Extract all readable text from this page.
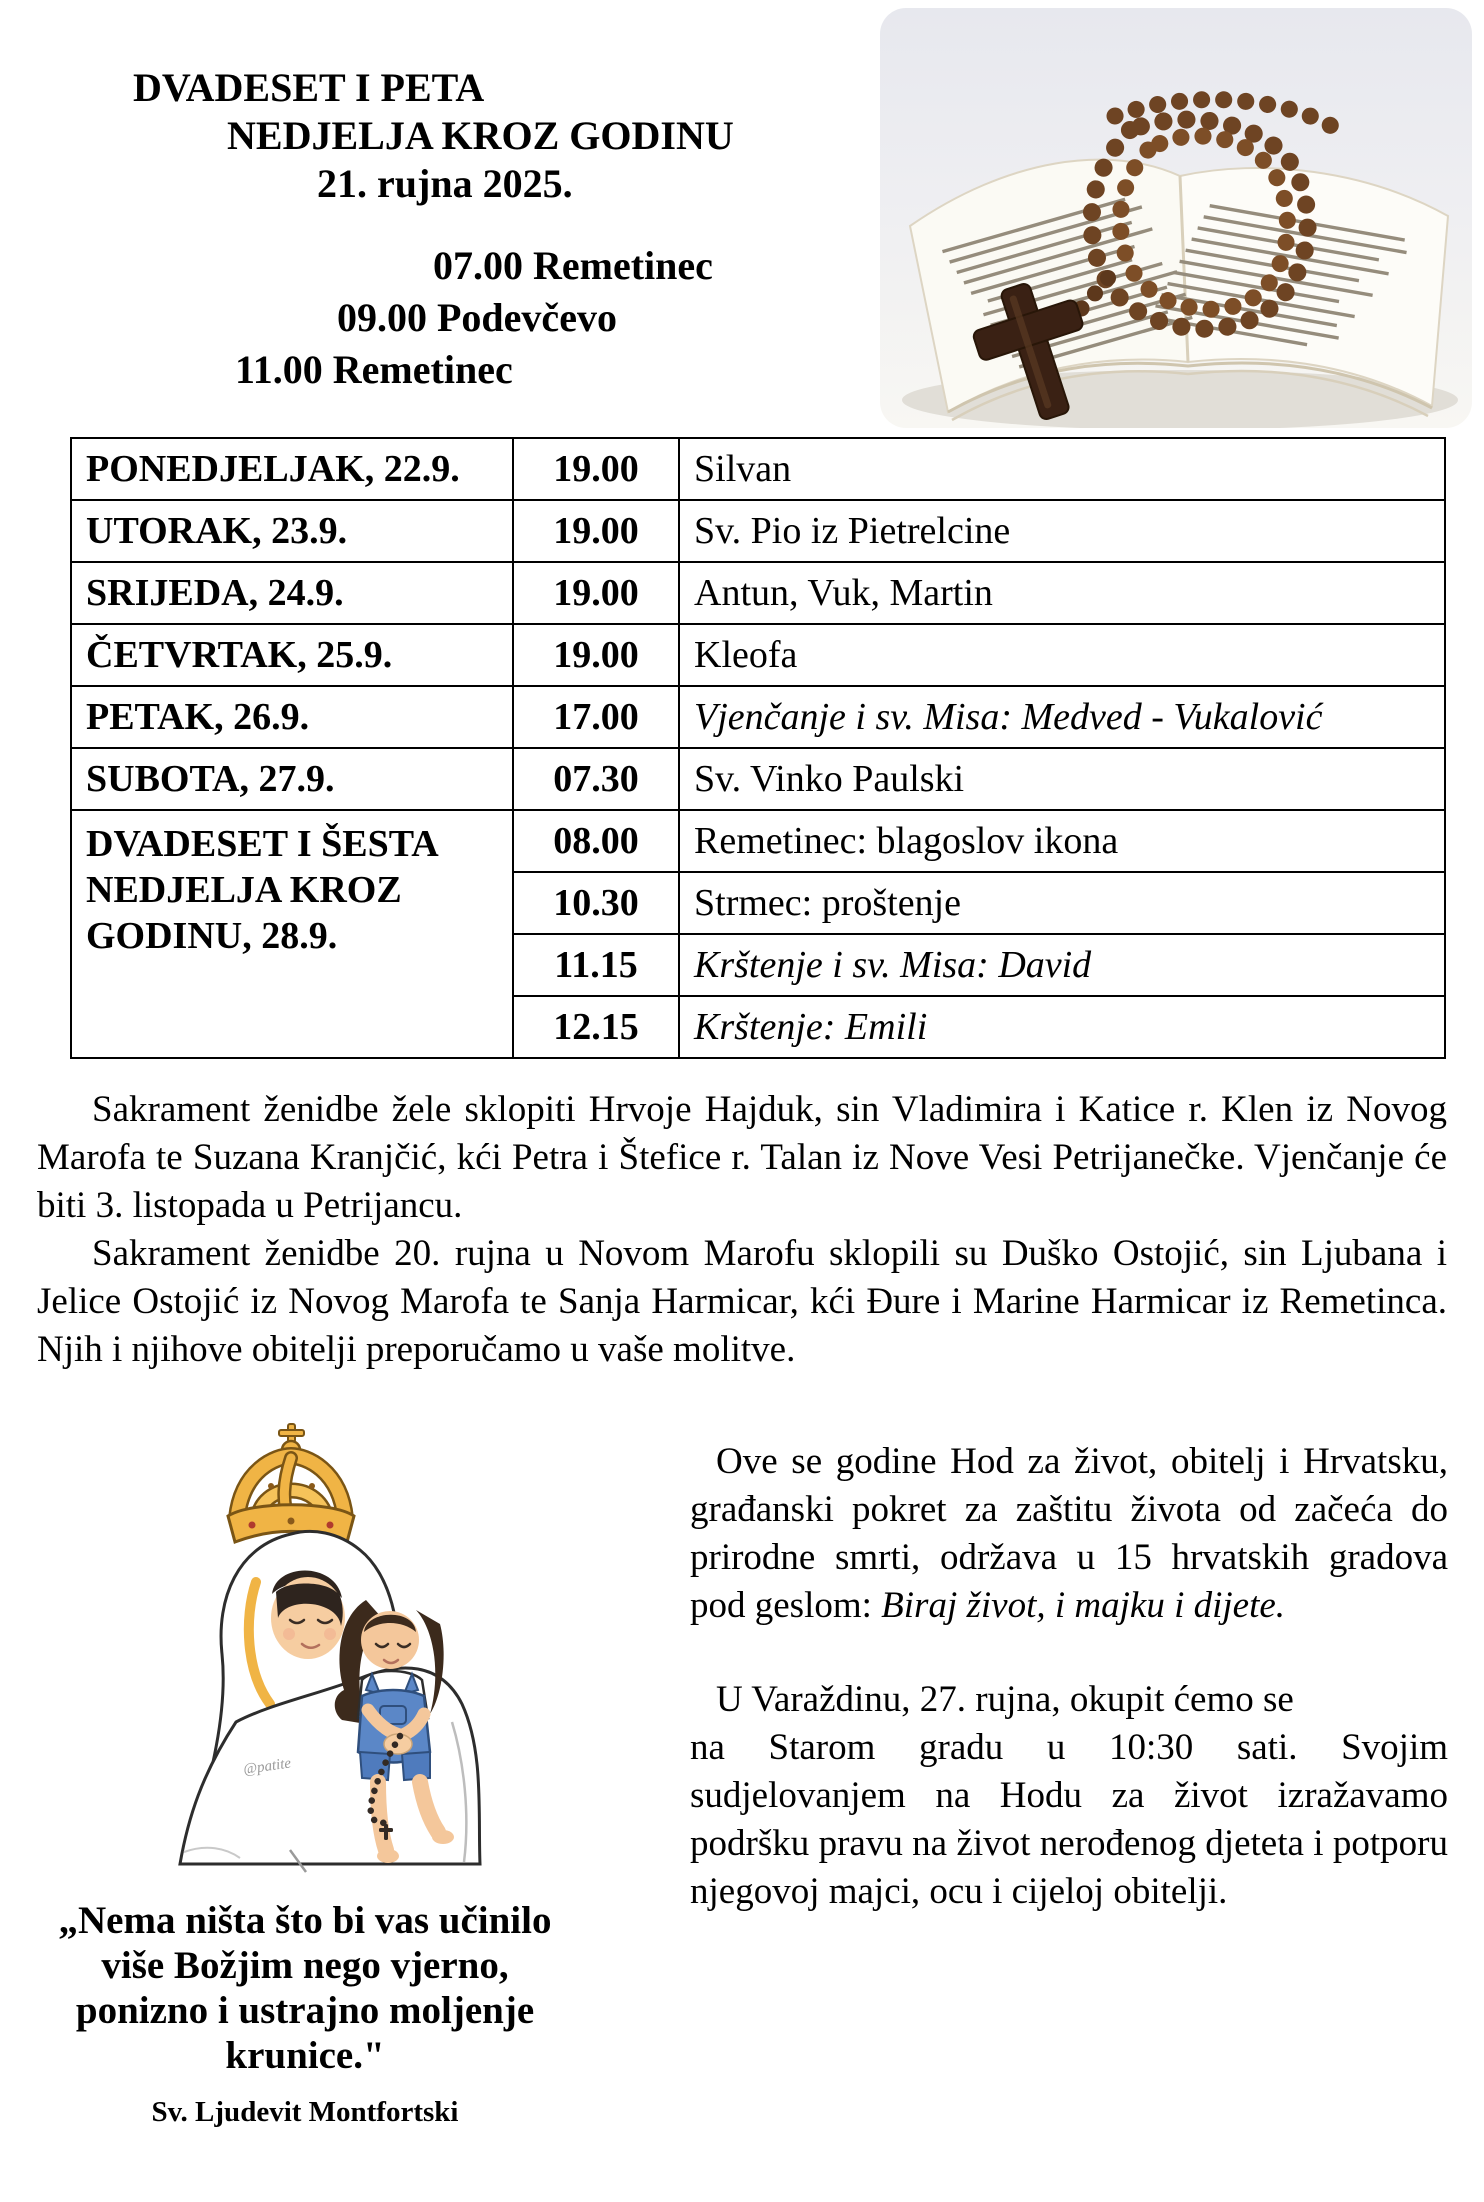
DVADESET I PETA
NEDJELJA KROZ GODINU
21. rujna 2025.
07.00 Remetinec
09.00 Podevčevo
11.00 Remetinec
PONEDJELJAK, 22.9.	19.00	Silvan
UTORAK, 23.9.	19.00	Sv. Pio iz Pietrelcine
SRIJEDA, 24.9.	19.00	Antun, Vuk, Martin
ČETVRTAK, 25.9.	19.00	Kleofa
PETAK, 26.9.	17.00	Vjenčanje i sv. Misa: Medved - Vukalović
SUBOTA, 27.9.	07.30	Sv. Vinko Paulski
DVADESET I ŠESTA NEDJELJA KROZ GODINU, 28.9.	08.00	Remetinec: blagoslov ikona
	10.30	Strmec: proštenje
	11.15	Krštenje i sv. Misa: David
	12.15	Krštenje: Emili

Sakrament ženidbe žele sklopiti Hrvoje Hajduk, sin Vladimira i Katice r. Klen iz Novog Marofa te Suzana Kranjčić, kći Petra i Štefice r. Talan iz Nove Vesi Petrijanečke. Vjenčanje će biti 3. listopada u Petrijancu.

Sakrament ženidbe 20. rujna u Novom Marofu sklopili su Duško Ostojić, sin Ljubana i Jelice Ostojić iz Novog Marofa te Sanja Harmicar, kći Đure i Marine Harmicar iz Remetinca. Njih i njihove obitelji preporučamo u vaše molitve.

@patite
„Nema ništa što bi vas učinilo
više Božjim nego vjerno,
ponizno i ustrajno moljenje
krunice."
Sv. Ljudevit Montfortski

Ove se godine Hod za život, obitelj i Hrvatsku, građanski pokret za zaštitu života od začeća do prirodne smrti, održava u 15 hrvatskih gradova pod geslom: Biraj život, i majku i dijete.

U Varaždinu, 27. rujna, okupit ćemo se

na Starom gradu u 10:30 sati. Svojim sudjelovanjem na Hodu za život izražavamo podršku pravu na život nerođenog djeteta i potporu njegovoj majci, ocu i cijeloj obitelji.
